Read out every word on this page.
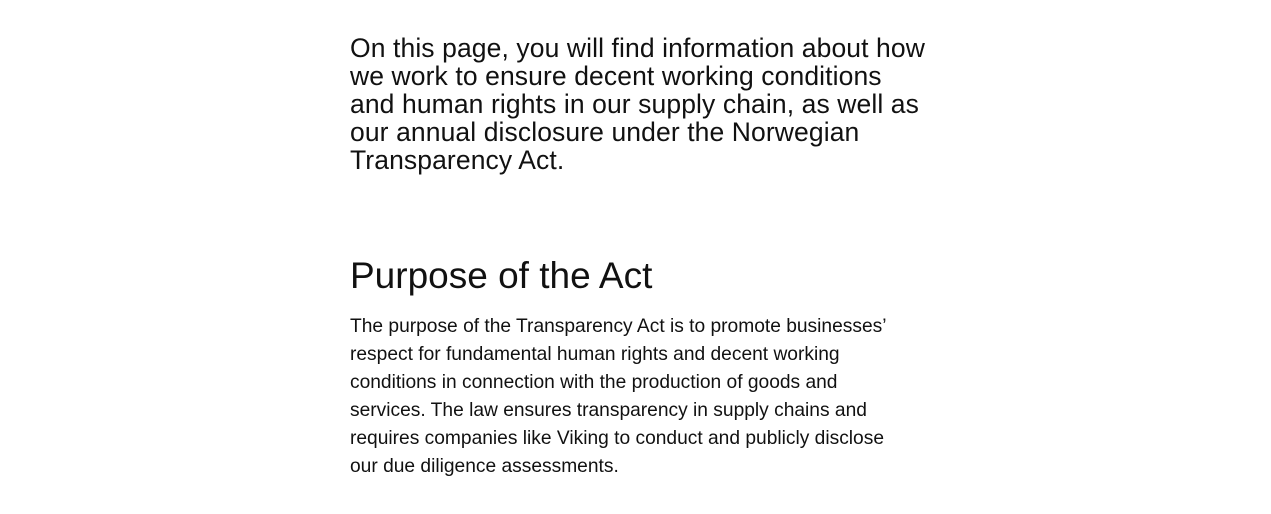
On this page, you will find information about how we work to ensure decent working conditions and human rights in our supply chain, as well as our annual disclosure under the Norwegian Transparency Act.

Purpose of the Act

The purpose of the Transparency Act is to promote businesses’ respect for fundamental human rights and decent working conditions in connection with the production of goods and services. The law ensures transparency in supply chains and requires companies like Viking to conduct and publicly disclose our due diligence assessments.
